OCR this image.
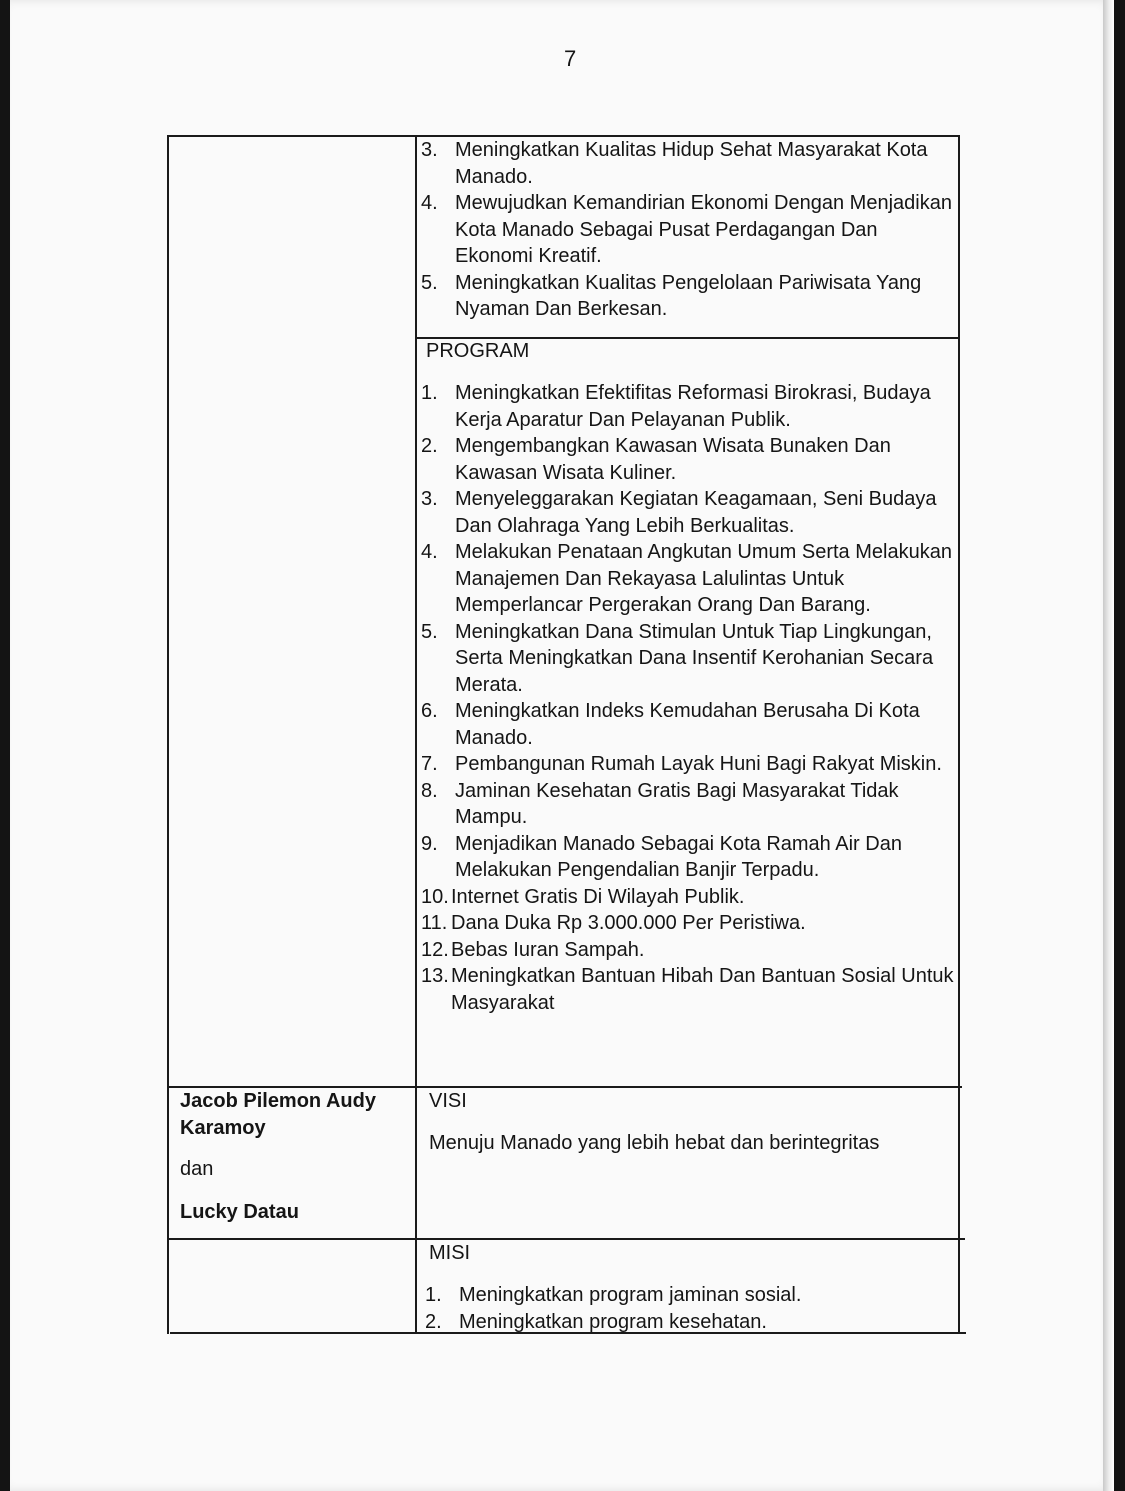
7
3. Meningkatkan Kualitas Hidup Sehat Masyarakat Kota Manado.
4. Mewujudkan Kemandirian Ekonomi Dengan Menjadikan Kota Manado Sebagai Pusat Perdagangan Dan Ekonomi Kreatif.
5. Meningkatkan Kualitas Pengelolaan Pariwisata Yang Nyaman Dan Berkesan.
PROGRAM
1. Meningkatkan Efektifitas Reformasi Birokrasi, Budaya Kerja Aparatur Dan Pelayanan Publik.
2. Mengembangkan Kawasan Wisata Bunaken Dan Kawasan Wisata Kuliner.
3. Menyeleggarakan Kegiatan Keagamaan, Seni Budaya Dan Olahraga Yang Lebih Berkualitas.
4. Melakukan Penataan Angkutan Umum Serta Melakukan Manajemen Dan Rekayasa Lalulintas Untuk Memperlancar Pergerakan Orang Dan Barang.
5. Meningkatkan Dana Stimulan Untuk Tiap Lingkungan, Serta Meningkatkan Dana Insentif Kerohanian Secara Merata.
6. Meningkatkan Indeks Kemudahan Berusaha Di Kota Manado.
7. Pembangunan Rumah Layak Huni Bagi Rakyat Miskin.
8. Jaminan Kesehatan Gratis Bagi Masyarakat Tidak Mampu.
9. Menjadikan Manado Sebagai Kota Ramah Air Dan Melakukan Pengendalian Banjir Terpadu.
10. Internet Gratis Di Wilayah Publik.
11. Dana Duka Rp 3.000.000 Per Peristiwa.
12. Bebas Iuran Sampah.
13. Meningkatkan Bantuan Hibah Dan Bantuan Sosial Untuk Masyarakat
Jacob Pilemon Audy
Karamoy
dan
Lucky Datau
VISI
Menuju Manado yang lebih hebat dan berintegritas
MISI
1. Meningkatkan program jaminan sosial.
2. Meningkatkan program kesehatan.
